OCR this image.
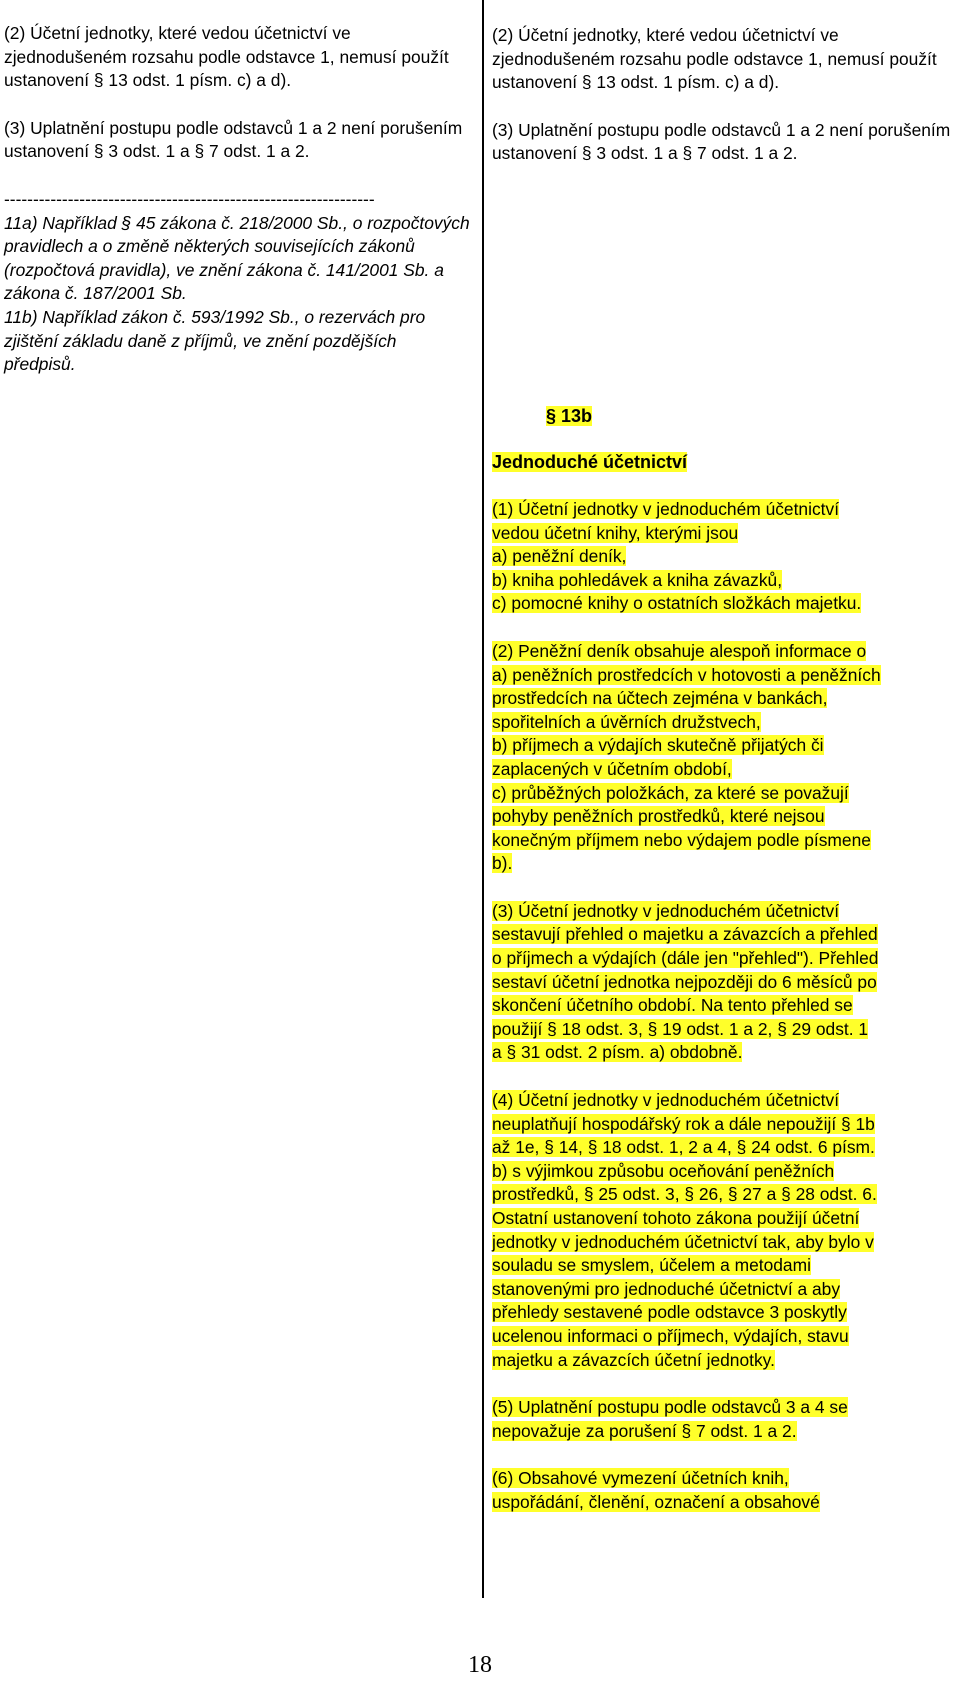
(2) Účetní jednotky, které vedou účetnictví ve zjednodušeném rozsahu podle odstavce 1, nemusí použít ustanovení § 13 odst. 1 písm. c) a d).

(3) Uplatnění postupu podle odstavců 1 a 2 není porušením ustanovení § 3 odst. 1 a § 7 odst. 1 a 2.

----------------------------------------------------------------

11a) Například § 45 zákona č. 218/2000 Sb., o rozpočtových pravidlech a o změně některých souvisejících zákonů (rozpočtová pravidla), ve znění zákona č. 141/2001 Sb. a zákona č. 187/2001 Sb.

11b) Například zákon č. 593/1992 Sb., o rezervách pro zjištění základu daně z příjmů, ve znění pozdějších předpisů.

(2) Účetní jednotky, které vedou účetnictví ve zjednodušeném rozsahu podle odstavce 1, nemusí použít ustanovení § 13 odst. 1 písm. c) a d).

(3) Uplatnění postupu podle odstavců 1 a 2 není porušením ustanovení § 3 odst. 1 a § 7 odst. 1 a 2.

§ 13b

Jednoduché účetnictví

(1) Účetní jednotky v jednoduchém účetnictví
vedou účetní knihy, kterými jsou
a) peněžní deník,
b) kniha pohledávek a kniha závazků,
c) pomocné knihy o ostatních složkách majetku.
(2) Peněžní deník obsahuje alespoň informace o
a) peněžních prostředcích v hotovosti a peněžních
prostředcích na účtech zejména v bankách,
spořitelních a úvěrních družstvech,
b) příjmech a výdajích skutečně přijatých či
zaplacených v účetním období,
c) průběžných položkách, za které se považují
pohyby peněžních prostředků, které nejsou
konečným příjmem nebo výdajem podle písmene
b).
(3) Účetní jednotky v jednoduchém účetnictví
sestavují přehled o majetku a závazcích a přehled
o příjmech a výdajích (dále jen "přehled"). Přehled
sestaví účetní jednotka nejpozději do 6 měsíců po
skončení účetního období. Na tento přehled se
použijí § 18 odst. 3, § 19 odst. 1 a 2, § 29 odst. 1
a § 31 odst. 2 písm. a) obdobně.
(4) Účetní jednotky v jednoduchém účetnictví
neuplatňují hospodářský rok a dále nepoužijí § 1b
až 1e, § 14, § 18 odst. 1, 2 a 4, § 24 odst. 6 písm.
b) s výjimkou způsobu oceňování peněžních
prostředků, § 25 odst. 3, § 26, § 27 a § 28 odst. 6.
Ostatní ustanovení tohoto zákona použijí účetní
jednotky v jednoduchém účetnictví tak, aby bylo v
souladu se smyslem, účelem a metodami
stanovenými pro jednoduché účetnictví a aby
přehledy sestavené podle odstavce 3 poskytly
ucelenou informaci o příjmech, výdajích, stavu
majetku a závazcích účetní jednotky.
(5) Uplatnění postupu podle odstavců 3 a 4 se
nepovažuje za porušení § 7 odst. 1 a 2.
(6) Obsahové vymezení účetních knih,
uspořádání, členění, označení a obsahové
18
